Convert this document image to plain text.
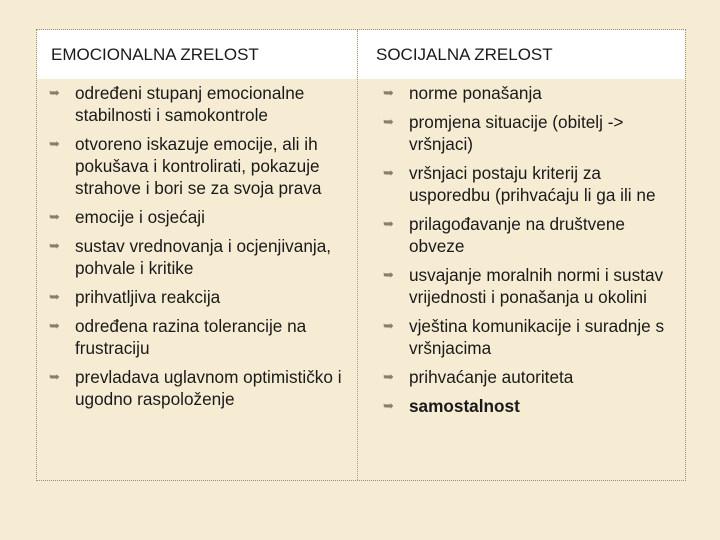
EMOCIONALNA ZRELOST	SOCIJALNA ZRELOST
➥ određeni stupanj emocionalne stabilnosti i samokontrole
➥ otvoreno iskazuje emocije, ali ih pokušava i kontrolirati, pokazuje strahove i bori se za svoja prava
➥ emocije i osjećaji
➥ sustav vrednovanja i ocjenjivanja, pohvale i kritike
➥ prihvatljiva reakcija
➥ određena razina tolerancije na frustraciju
➥ prevladava uglavnom optimističko i ugodno raspoloženje
➥ norme ponašanja
➥ promjena situacije (obitelj -> vršnjaci)
➥ vršnjaci postaju kriterij za usporedbu (prihvaćaju li ga ili ne
➥ prilagođavanje na društvene obveze
➥ usvajanje moralnih normi i sustav vrijednosti i ponašanja u okolini
➥ vještina komunikacije i suradnje s vršnjacima
➥ prihvaćanje autoriteta
➥ samostalnost
